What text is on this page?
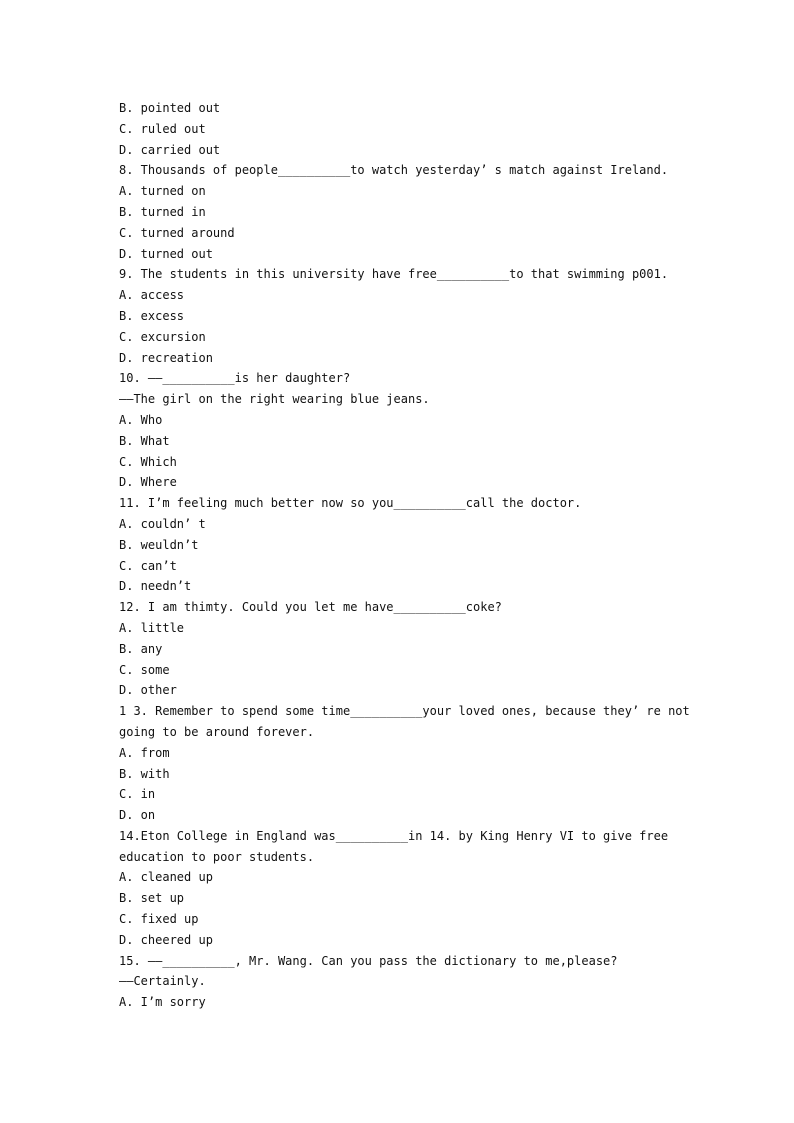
B. pointed out
C. ruled out
D. carried out
8. Thousands of people__________to watch yesterday’ s match against Ireland.
A. turned on
B. turned in
C. turned around
D. turned out
9. The students in this university have free__________to that swimming p001.
A. access
B. excess
C. excursion
D. recreation
10. ——__________is her daughter?
——The girl on the right wearing blue jeans.
A. Who
B. What
C. Which
D. Where
11. I’m feeling much better now so you__________call the doctor.
A. couldn’ t
B. weuldn’t
C. can’t
D. needn’t
12. I am thimty. Could you let me have__________coke?
A. little
B. any
C. some
D. other
1 3. Remember to spend some time__________your loved ones, because they’ re not
going to be around forever.
A. from
B. with
C. in
D. on
14.Eton College in England was__________in 14. by King Henry VI to give free
education to poor students.
A. cleaned up
B. set up
C. fixed up
D. cheered up
15. ——__________, Mr. Wang. Can you pass the dictionary to me,please?
——Certainly.
A. I’m sorry
